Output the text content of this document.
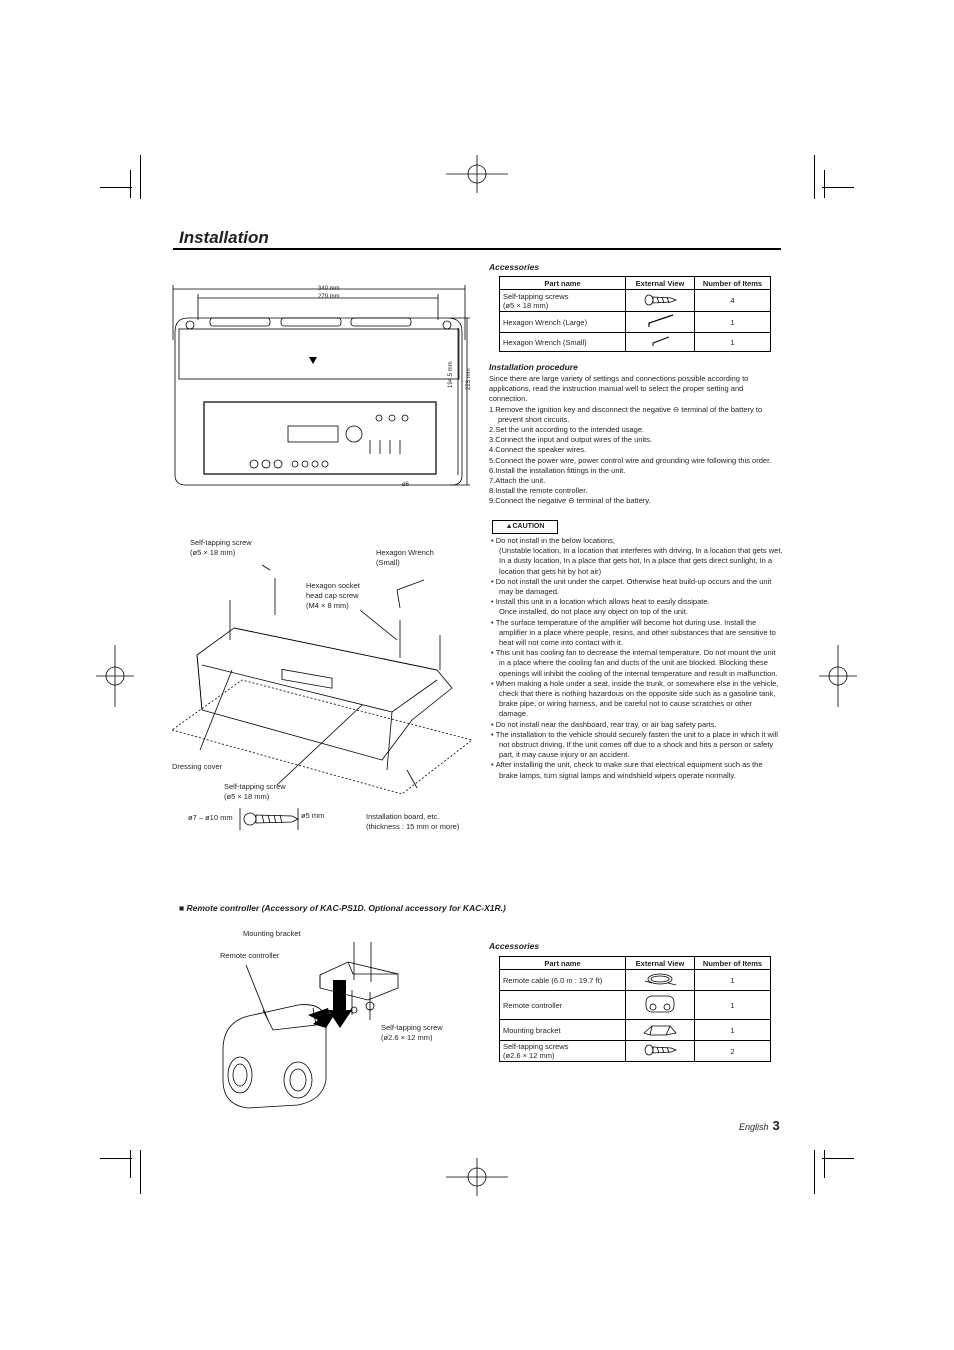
Installation
340 mm
279 mm
194.5 mm	223 mm
ø6
Self-tapping screw
(ø5 × 18 mm)	Hexagon Wrench
(Small)
Hexagon socket
head cap screw
(M4 × 8 mm)
Dressing cover
Self-tapping screw
(ø5 × 18 mm)
ø7 – ø10 mm	ø5 mm	Installation board, etc.
(thickness : 15 mm or more)
Accessories
Part name	External View	Number of Items

Self-tapping screws
(ø5 × 18 mm)		4
Hexagon Wrench (Large)		1
Hexagon Wrench (Small)		1
Installation procedure

Since there are large variety of settings and connections possible according to applications, read the instruction manual well to select the proper setting and connection.

1.Remove the ignition key and disconnect the negative ⊖ terminal of the battery to prevent short circuits.

2.Set the unit according to the intended usage.

3.Connect the input and output wires of the units.

4.Connect the speaker wires.

5.Connect the power wire, power control wire and grounding wire following this order.

6.Install the installation fittings in the unit.

7.Attach the unit.

8.Install the remote controller.

9.Connect the negative ⊖ terminal of the battery.

▲CAUTION

• Do not install in the below locations;

(Unstable location, In a location that interferes with driving, In a location that gets wet, In a dusty location, In a place that gets hot, In a place that gets direct sunlight, In a location that gets hit by hot air)

• Do not install the unit under the carpet. Otherwise heat build-up occurs and the unit may be damaged.

• Install this unit in a location which allows heat to easily dissipate.

Once installed, do not place any object on top of the unit.

• The surface temperature of the amplifier will become hot during use. Install the amplifier in a place where people, resins, and other substances that are sensitive to heat will not come into contact with it.

• This unit has cooling fan to decrease the internal temperature. Do not mount the unit in a place where the cooling fan and ducts of the unit are blocked. Blocking these openings will inhibit the cooling of the internal temperature and result in malfunction.

• When making a hole under a seat, inside the trunk, or somewhere else in the vehicle, check that there is nothing hazardous on the opposite side such as a gasoline tank, brake pipe, or wiring harness, and be careful not to cause scratches or other damage.

• Do not install near the dashboard, rear tray, or air bag safety parts.

• The installation to the vehicle should securely fasten the unit to a place in which it will not obstruct driving. If the unit comes off due to a shock and hits a person or safety part, it may cause injury or an accident.

• After installing the unit, check to make sure that electrical equipment such as the brake lamps, turn signal lamps and windshield wipers operate normally.

■ Remote controller (Accessory of KAC-PS1D. Optional accessory for KAC-X1R.)
Mounting bracket
Remote controller
Self-tapping screw
(ø2.6 × 12 mm)
Accessories
Part name	External View	Number of Items
Remote cable (6.0 m : 19.7 ft)		1
Remote controller		1
Mounting bracket		1

Self-tapping screws
(ø2.6 × 12 mm)		2
English 3
